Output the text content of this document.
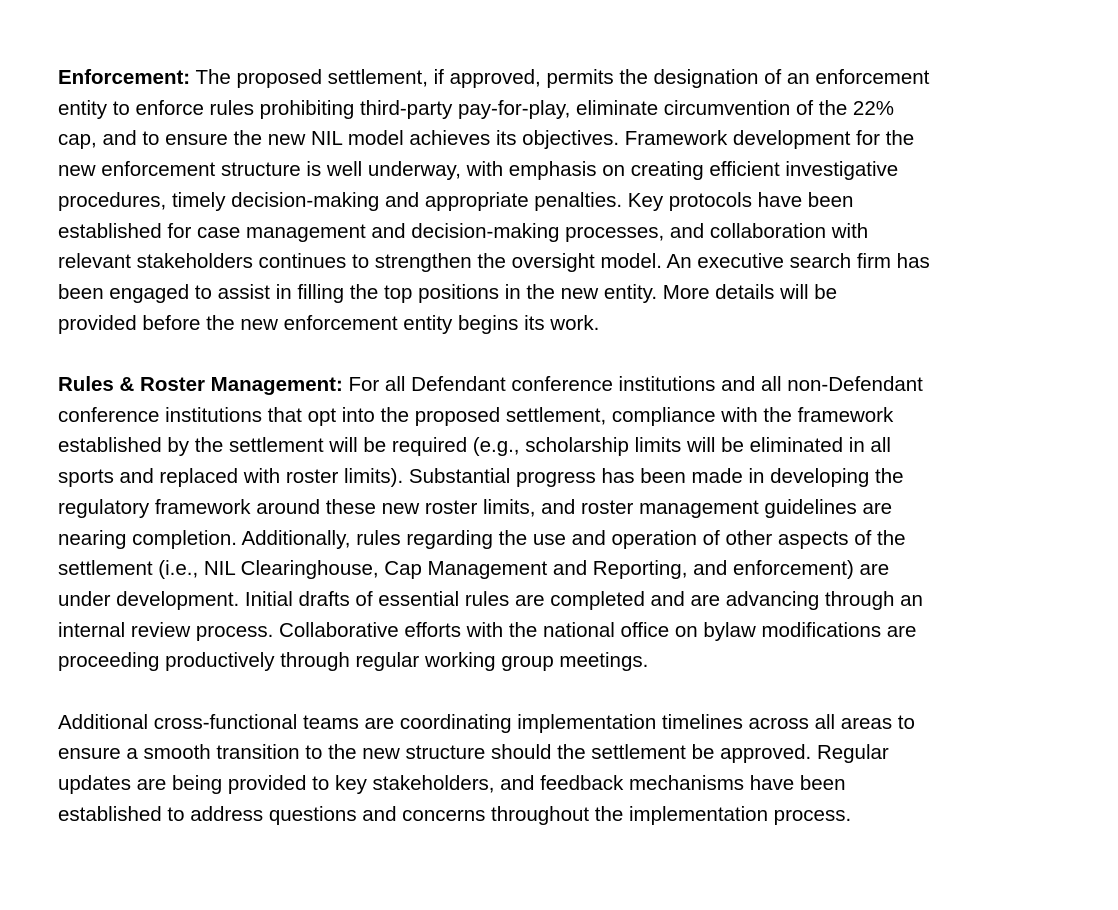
Enforcement: The proposed settlement, if approved, permits the designation of an enforcement
entity to enforce rules prohibiting third-party pay-for-play, eliminate circumvention of the 22%
cap, and to ensure the new NIL model achieves its objectives. Framework development for the
new enforcement structure is well underway, with emphasis on creating efficient investigative
procedures, timely decision-making and appropriate penalties. Key protocols have been
established for case management and decision-making processes, and collaboration with
relevant stakeholders continues to strengthen the oversight model. An executive search firm has
been engaged to assist in filling the top positions in the new entity. More details will be
provided before the new enforcement entity begins its work.

Rules & Roster Management: For all Defendant conference institutions and all non-Defendant
conference institutions that opt into the proposed settlement, compliance with the framework
established by the settlement will be required (e.g., scholarship limits will be eliminated in all
sports and replaced with roster limits). Substantial progress has been made in developing the
regulatory framework around these new roster limits, and roster management guidelines are
nearing completion. Additionally, rules regarding the use and operation of other aspects of the
settlement (i.e., NIL Clearinghouse, Cap Management and Reporting, and enforcement) are
under development. Initial drafts of essential rules are completed and are advancing through an
internal review process. Collaborative efforts with the national office on bylaw modifications are
proceeding productively through regular working group meetings.

Additional cross-functional teams are coordinating implementation timelines across all areas to
ensure a smooth transition to the new structure should the settlement be approved. Regular
updates are being provided to key stakeholders, and feedback mechanisms have been
established to address questions and concerns throughout the implementation process.
